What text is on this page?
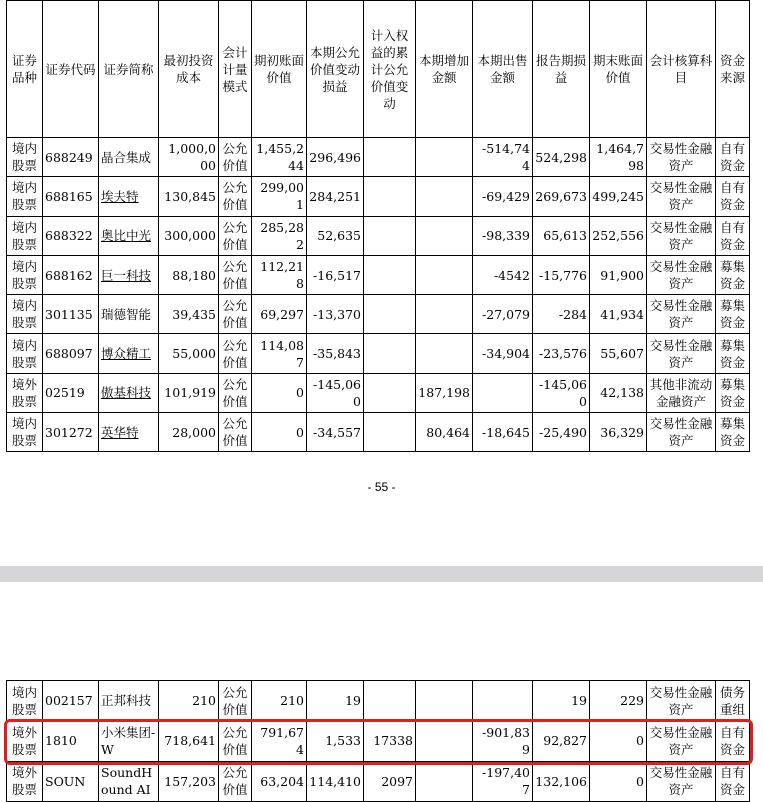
证券品种	证券代码	证券简称	最初投资成本	会计计量模式	期初账面价值	本期公允价值变动损益	计入权益的累计公允价值变动	本期增加金额	本期出售金额	报告期损益	期末账面价值	会计核算科目	资金来源
境内股票	688249	晶合集成	1,000,000	公允价值	1,455,244	296,496			-514,744	524,298	1,464,798	交易性金融资产	自有资金
境内股票	688165	埃夫特	130,845	公允价值	299,001	284,251			-69,429	269,673	499,245	交易性金融资产	自有资金
境内股票	688322	奥比中光	300,000	公允价值	285,282	52,635			-98,339	65,613	252,556	交易性金融资产	自有资金
境内股票	688162	巨一科技	88,180	公允价值	112,218	-16,517			-4542	-15,776	91,900	交易性金融资产	募集资金
境内股票	301135	瑞德智能	39,435	公允价值	69,297	-13,370			-27,079	-284	41,934	交易性金融资产	募集资金
境内股票	688097	博众精工	55,000	公允价值	114,087	-35,843			-34,904	-23,576	55,607	交易性金融资产	募集资金
境外股票	02519	傲基科技	101,919	公允价值	0	-145,060		187,198		-145,060	42,138	其他非流动金融资产	募集资金
境内股票	301272	英华特	28,000	公允价值	0	-34,557		80,464	-18,645	-25,490	36,329	交易性金融资产	募集资金
- 55 -
境内股票	002157	正邦科技	210	公允价值	210	19				19	229	交易性金融资产	债务重组
境外股票	1810	小米集团-W	718,641	公允价值	791,674	1,533	17338		-901,839	92,827	0	交易性金融资产	自有资金
境外股票	SOUN	SoundHound AI	157,203	公允价值	63,204	114,410	2097		-197,407	132,106	0	交易性金融资产	自有资金
